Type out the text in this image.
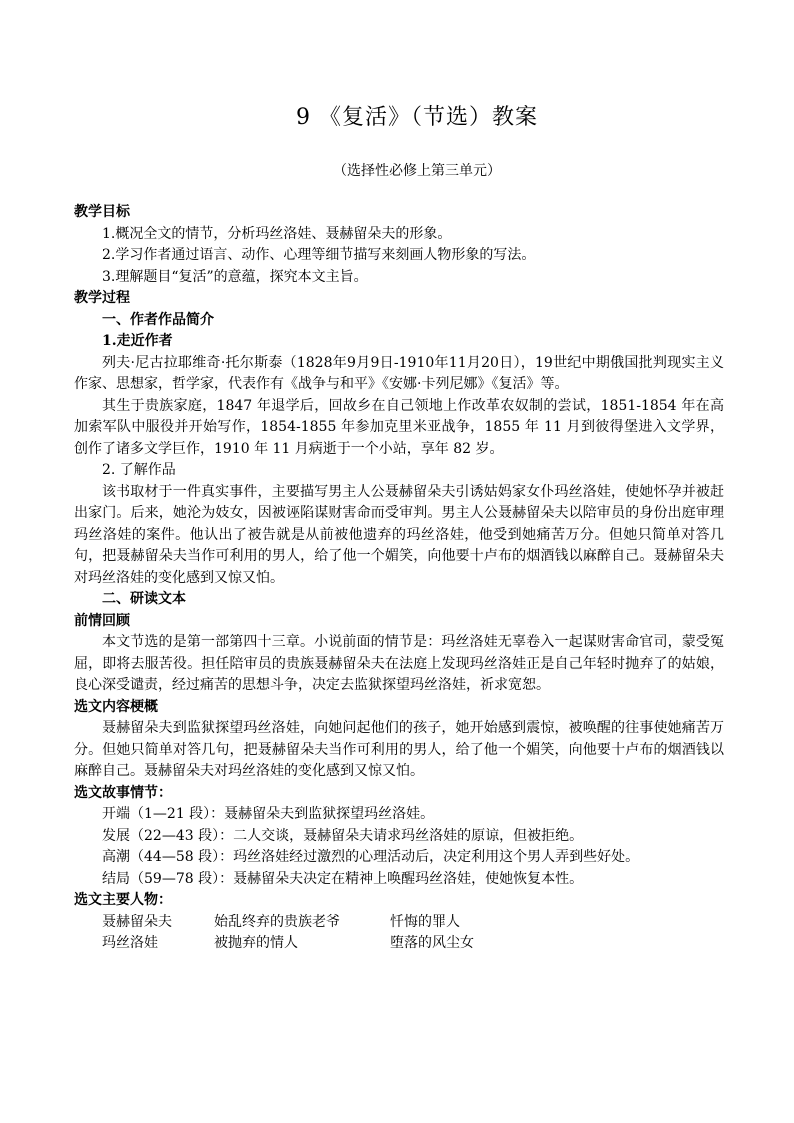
9 《复活》（节选）教案
（选择性必修上第三单元）
教学目标
1.概况全文的情节，分析玛丝洛娃、聂赫留朵夫的形象。
2.学习作者通过语言、动作、心理等细节描写来刻画人物形象的写法。
3.理解题目“复活”的意蕴，探究本文主旨。
教学过程
一、作者作品简介
1.走近作者

列夫·尼古拉耶维奇·托尔斯泰（1828年9月9日-1910年11月20日），19世纪中期俄国批判现实主义作家、思想家，哲学家，代表作有《战争与和平》《安娜·卡列尼娜》《复活》等。

其生于贵族家庭，1847 年退学后，回故乡在自己领地上作改革农奴制的尝试，1851-1854 年在高加索军队中服役并开始写作，1854-1855 年参加克里米亚战争，1855 年 11 月到彼得堡进入文学界，创作了诸多文学巨作，1910 年 11 月病逝于一个小站，享年 82 岁。

2. 了解作品

该书取材于一件真实事件，主要描写男主人公聂赫留朵夫引诱姑妈家女仆玛丝洛娃，使她怀孕并被赶出家门。后来，她沦为妓女，因被诬陷谋财害命而受审判。男主人公聂赫留朵夫以陪审员的身份出庭审理玛丝洛娃的案件。他认出了被告就是从前被他遗弃的玛丝洛娃，他受到她痛苦万分。但她只简单对答几句，把聂赫留朵夫当作可利用的男人，给了他一个媚笑，向他要十卢布的烟酒钱以麻醉自己。聂赫留朵夫对玛丝洛娃的变化感到又惊又怕。

二、研读文本
前情回顾

本文节选的是第一部第四十三章。小说前面的情节是：玛丝洛娃无辜卷入一起谋财害命官司，蒙受冤屈，即将去服苦役。担任陪审员的贵族聂赫留朵夫在法庭上发现玛丝洛娃正是自己年轻时抛弃了的姑娘，良心深受谴责，经过痛苦的思想斗争，决定去监狱探望玛丝洛娃，祈求宽恕。

选文内容梗概

聂赫留朵夫到监狱探望玛丝洛娃，向她问起他们的孩子，她开始感到震惊，被唤醒的往事使她痛苦万分。但她只简单对答几句，把聂赫留朵夫当作可利用的男人，给了他一个媚笑，向他要十卢布的烟酒钱以麻醉自己。聂赫留朵夫对玛丝洛娃的变化感到又惊又怕。

选文故事情节：
开端（1—21 段）：聂赫留朵夫到监狱探望玛丝洛娃。
发展（22—43 段）：二人交谈，聂赫留朵夫请求玛丝洛娃的原谅，但被拒绝。
高潮（44—58 段）：玛丝洛娃经过激烈的心理活动后，决定利用这个男人弄到些好处。
结局（59—78 段）：聂赫留朵夫决定在精神上唤醒玛丝洛娃，使她恢复本性。
选文主要人物：
聂赫留朵夫	始乱终弃的贵族老爷	忏悔的罪人
玛丝洛娃	被抛弃的情人	堕落的风尘女
